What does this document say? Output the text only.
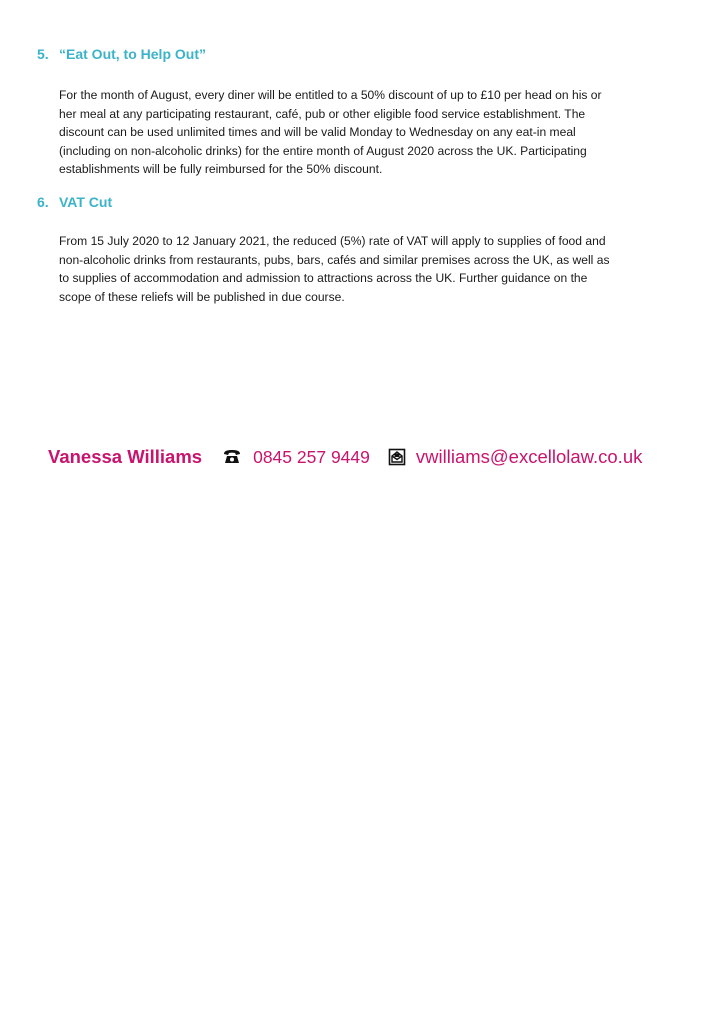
5. “Eat Out, to Help Out”
For the month of August, every diner will be entitled to a 50% discount of up to £10 per head on his or
her meal at any participating restaurant, café, pub or other eligible food service establishment. The
discount can be used unlimited times and will be valid Monday to Wednesday on any eat-in meal
(including on non-alcoholic drinks) for the entire month of August 2020 across the UK. Participating
establishments will be fully reimbursed for the 50% discount.
6. VAT Cut
From 15 July 2020 to 12 January 2021, the reduced (5%) rate of VAT will apply to supplies of food and
non-alcoholic drinks from restaurants, pubs, bars, cafés and similar premises across the UK, as well as
to supplies of accommodation and admission to attractions across the UK. Further guidance on the
scope of these reliefs will be published in due course.
Vanessa Williams	0845 257 9449 vwilliams@excellolaw.co.uk
